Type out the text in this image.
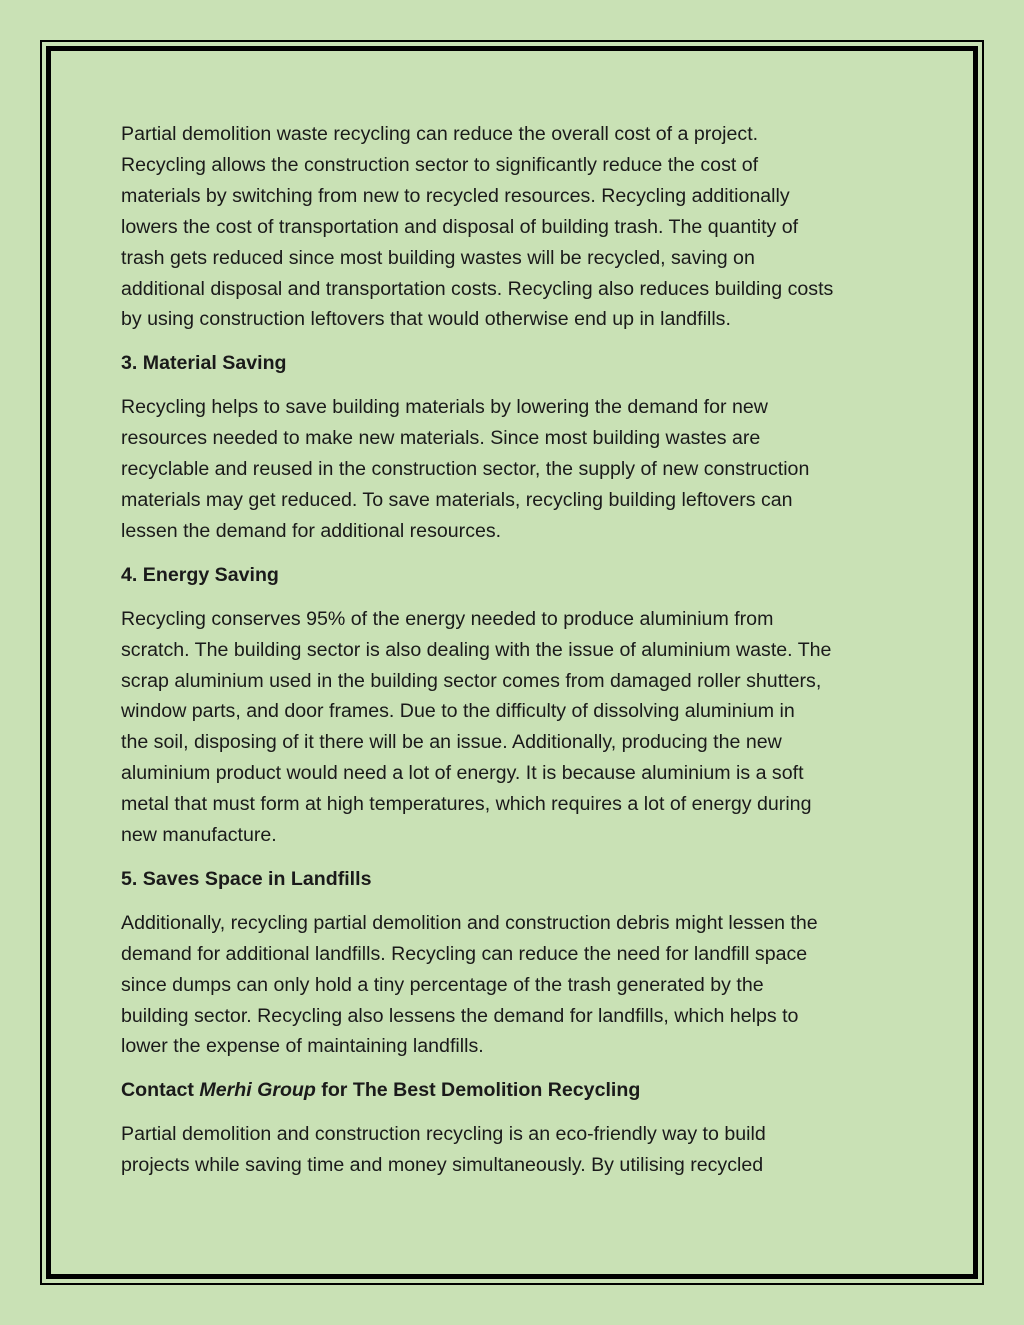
Partial demolition waste recycling can reduce the overall cost of a project.
Recycling allows the construction sector to significantly reduce the cost of
materials by switching from new to recycled resources. Recycling additionally
lowers the cost of transportation and disposal of building trash. The quantity of
trash gets reduced since most building wastes will be recycled, saving on
additional disposal and transportation costs. Recycling also reduces building costs
by using construction leftovers that would otherwise end up in landfills.

3. Material Saving

Recycling helps to save building materials by lowering the demand for new
resources needed to make new materials. Since most building wastes are
recyclable and reused in the construction sector, the supply of new construction
materials may get reduced. To save materials, recycling building leftovers can
lessen the demand for additional resources.

4. Energy Saving

Recycling conserves 95% of the energy needed to produce aluminium from
scratch. The building sector is also dealing with the issue of aluminium waste. The
scrap aluminium used in the building sector comes from damaged roller shutters,
window parts, and door frames. Due to the difficulty of dissolving aluminium in
the soil, disposing of it there will be an issue. Additionally, producing the new
aluminium product would need a lot of energy. It is because aluminium is a soft
metal that must form at high temperatures, which requires a lot of energy during
new manufacture.

5. Saves Space in Landfills

Additionally, recycling partial demolition and construction debris might lessen the
demand for additional landfills. Recycling can reduce the need for landfill space
since dumps can only hold a tiny percentage of the trash generated by the
building sector. Recycling also lessens the demand for landfills, which helps to
lower the expense of maintaining landfills.

Contact Merhi Group for The Best Demolition Recycling

Partial demolition and construction recycling is an eco-friendly way to build
projects while saving time and money simultaneously. By utilising recycled
